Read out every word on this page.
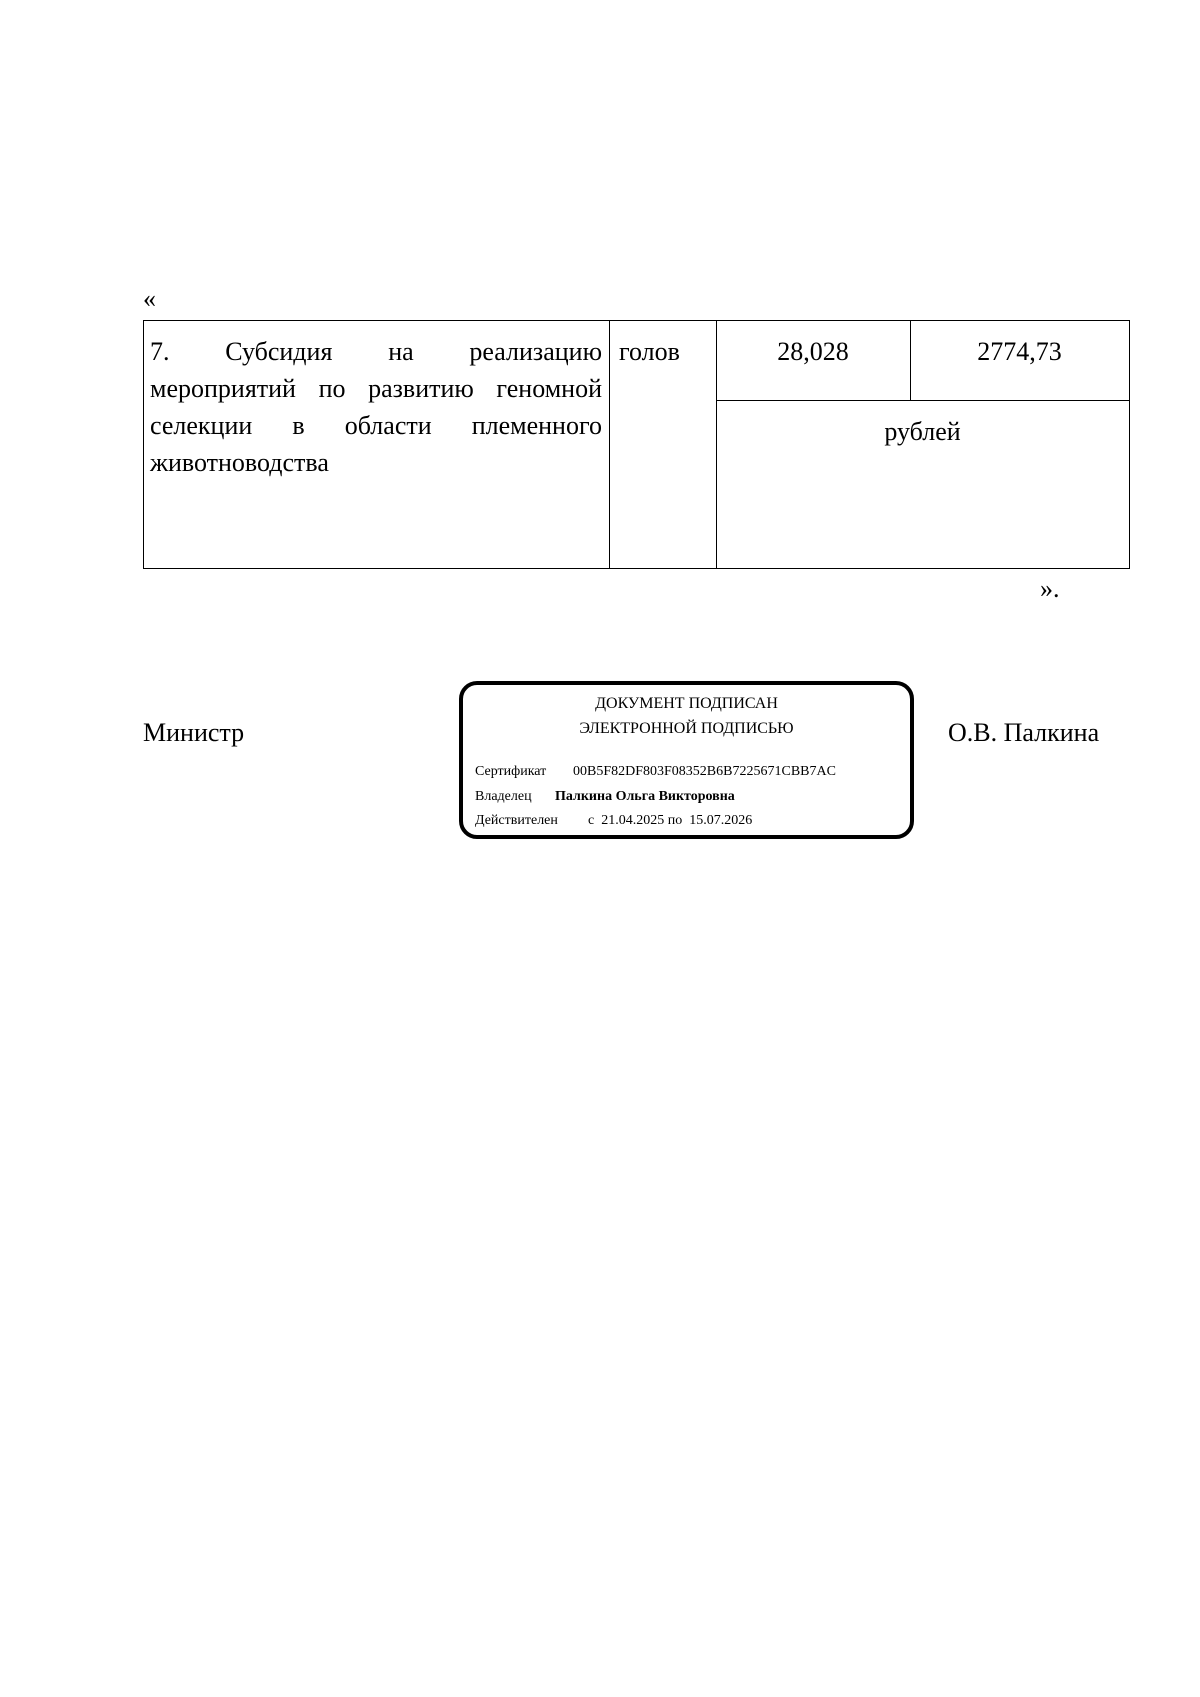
«
7. Субсидия на реализацию мероприятий по развитию геномной селекции в области племенного животноводства
голов	28,028	2774,73
рублей
».
Министр
ДОКУМЕНТ ПОДПИСАН
ЭЛЕКТРОННОЙ ПОДПИСЬЮ
Сертификат 00B5F82DF803F08352B6B7225671CBB7AC
Владелец Палкина Ольга Викторовна
Действителен с  21.04.2025 по  15.07.2026
О.В. Палкина
